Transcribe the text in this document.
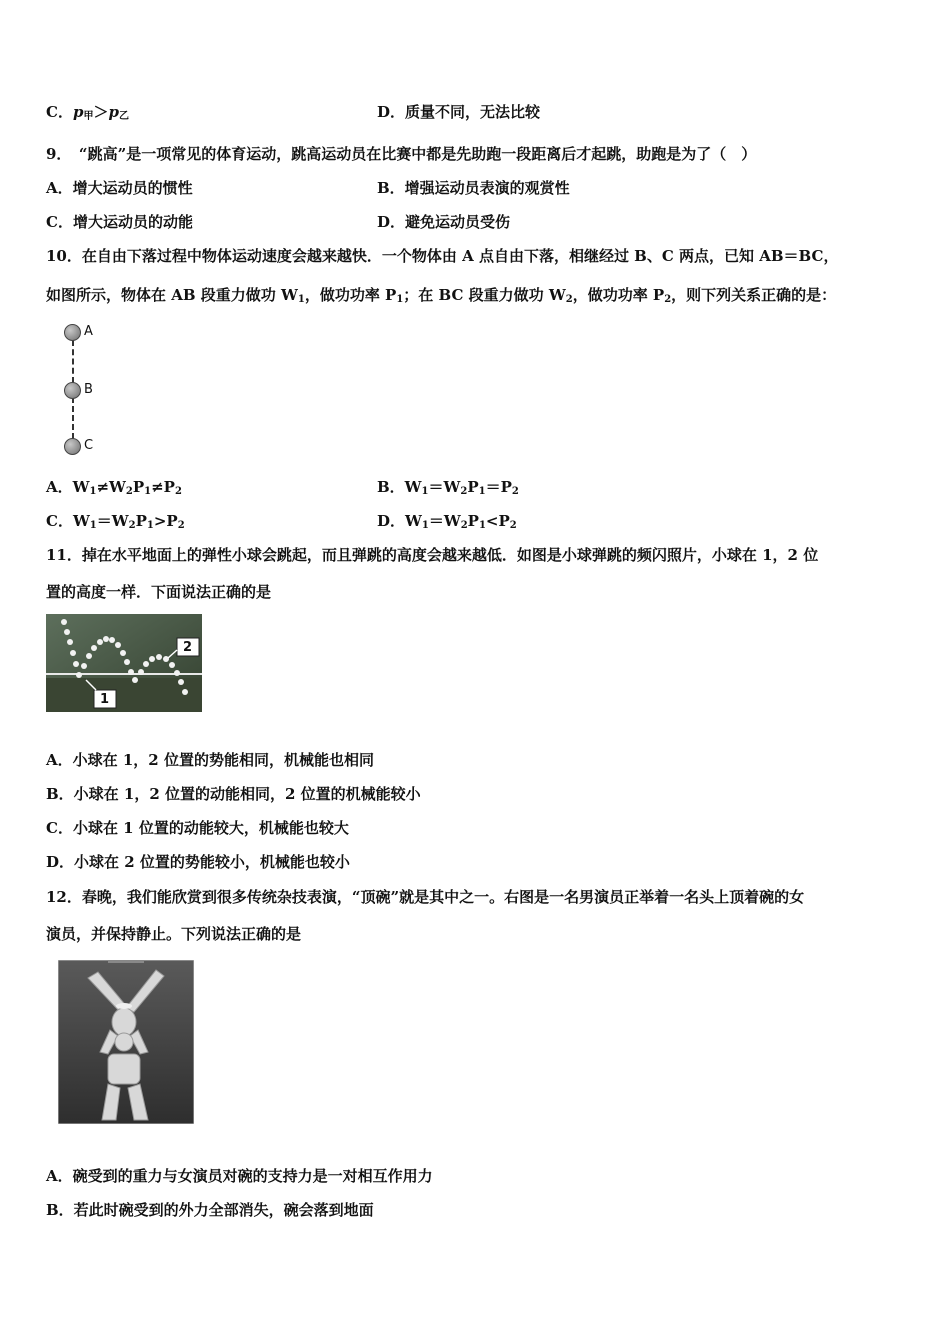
C．$p_甲>p_乙$	D．质量不同，无法比较
9．　“跳高”是一项常见的体育运动，跳高运动员在比赛中都是先助跑一段距离后才起跳，助跑是为了（　）
A．增大运动员的惯性	B．增强运动员表演的观赏性
C．增大运动员的动能	D．避免运动员受伤
10．在自由下落过程中物体运动速度会越来越快．一个物体由 A 点自由下落，相继经过 B、C 两点，已知 AB＝BC，
如图所示，物体在 AB 段重力做功 $W_1$，做功功率 $P_1$；在 BC 段重力做功 $W_2$，做功功率 $P_2$，则下列关系正确的是：
A
B
C
A．$W_1\ne W_2P_1\ne P_2$	B．$W_1=W_2P_1=P_2$
C．$W_1=W_2P_1>P_2$	D．$W_1=W_2P_1<P_2$
11．掉在水平地面上的弹性小球会跳起，而且弹跳的高度会越来越低．如图是小球弹跳的频闪照片，小球在 1，2 位
置的高度一样．下面说法正确的是
1
2
A．小球在 1，2 位置的势能相同，机械能也相同
B．小球在 1，2 位置的动能相同，2 位置的机械能较小
C．小球在 1 位置的动能较大，机械能也较大
D．小球在 2 位置的势能较小，机械能也较小
12．春晚，我们能欣赏到很多传统杂技表演，“顶碗”就是其中之一。右图是一名男演员正举着一名头上顶着碗的女
演员，并保持静止。下列说法正确的是
A．碗受到的重力与女演员对碗的支持力是一对相互作用力
B．若此时碗受到的外力全部消失，碗会落到地面
